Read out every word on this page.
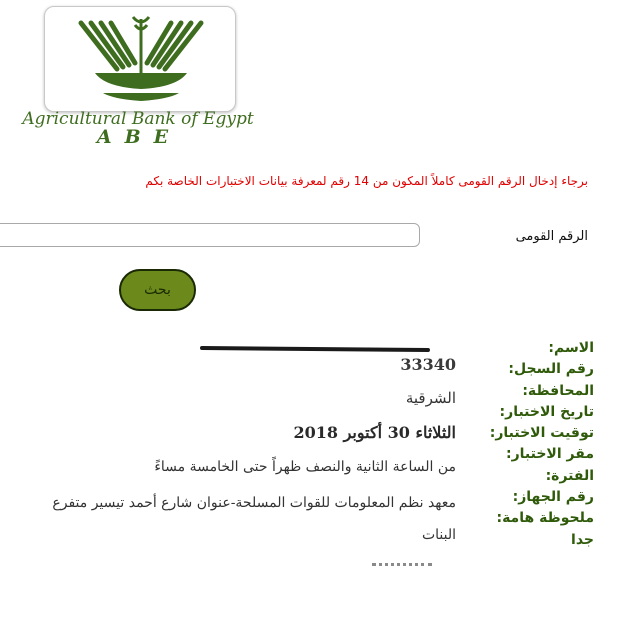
Agricultural Bank of Egypt
ABE
برجاء إدخال الرقم القومى كاملاً المكون من 14 رقم لمعرفة بيانات الاختبارات الخاصة بكم
الرقم القومى
بحث
الاسم:
رقم السجل:
المحافظة:
تاريخ الاختبار:
توقيت الاختبار:
مقر الاختبار:
الفترة:
رقم الجهاز:
ملحوظة هامة:
جدا
33340
الشرقية
الثلاثاء 30 أكتوبر 2018
من الساعة الثانية والنصف ظهراً حتى الخامسة مساءً
معهد نظم المعلومات للقوات المسلحة-عنوان شارع أحمد تيسير متفرع
البنات
